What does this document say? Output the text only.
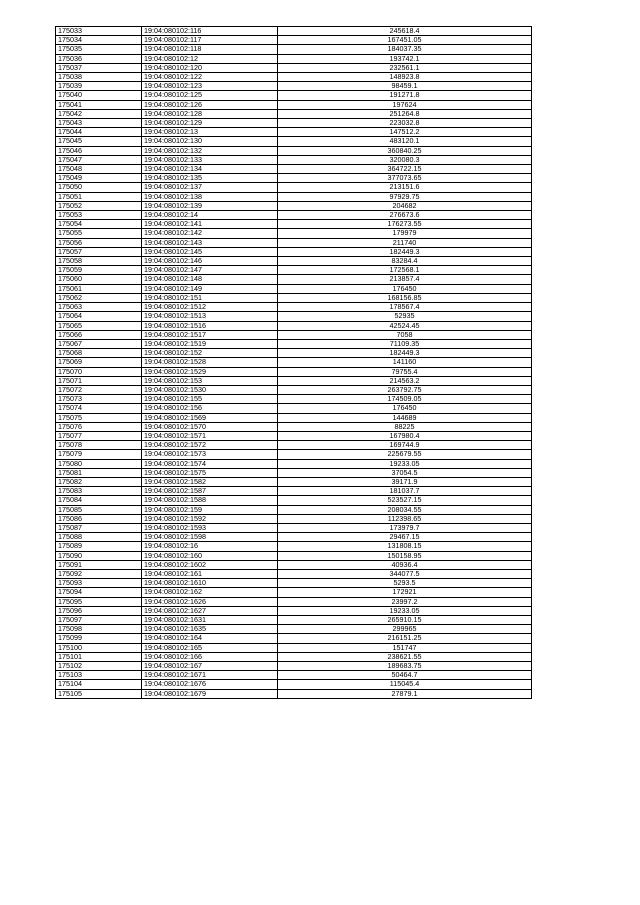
175033	19:04:080102:116	245618.4
175034	19:04:080102:117	167451.05
175035	19:04:080102:118	184037.35
175036	19:04:080102:12	193742.1
175037	19:04:080102:120	232561.1
175038	19:04:080102:122	148923.8
175039	19:04:080102:123	98459.1
175040	19:04:080102:125	191271.8
175041	19:04:080102:126	197624
175042	19:04:080102:128	251264.8
175043	19:04:080102:129	223032.8
175044	19:04:080102:13	147512.2
175045	19:04:080102:130	483120.1
175046	19:04:080102:132	360840.25
175047	19:04:080102:133	320080.3
175048	19:04:080102:134	364722.15
175049	19:04:080102:135	377073.65
175050	19:04:080102:137	213151.6
175051	19:04:080102:138	97929.75
175052	19:04:080102:139	204682
175053	19:04:080102:14	276673.6
175054	19:04:080102:141	176273.55
175055	19:04:080102:142	179979
175056	19:04:080102:143	211740
175057	19:04:080102:145	182449.3
175058	19:04:080102:146	83284.4
175059	19:04:080102:147	172568.1
175060	19:04:080102:148	213857.4
175061	19:04:080102:149	176450
175062	19:04:080102:151	168156.85
175063	19:04:080102:1512	178567.4
175064	19:04:080102:1513	52935
175065	19:04:080102:1516	42524.45
175066	19:04:080102:1517	7058
175067	19:04:080102:1519	71109.35
175068	19:04:080102:152	182449.3
175069	19:04:080102:1528	141160
175070	19:04:080102:1529	79755.4
175071	19:04:080102:153	214563.2
175072	19:04:080102:1530	263792.75
175073	19:04:080102:155	174509.05
175074	19:04:080102:156	176450
175075	19:04:080102:1569	144689
175076	19:04:080102:1570	88225
175077	19:04:080102:1571	167980.4
175078	19:04:080102:1572	169744.9
175079	19:04:080102:1573	225679.55
175080	19:04:080102:1574	19233.05
175081	19:04:080102:1575	37054.5
175082	19:04:080102:1582	39171.9
175083	19:04:080102:1587	181037.7
175084	19:04:080102:1588	523527.15
175085	19:04:080102:159	208034.55
175086	19:04:080102:1592	112398.65
175087	19:04:080102:1593	173979.7
175088	19:04:080102:1598	29467.15
175089	19:04:080102:16	131808.15
175090	19:04:080102:160	150158.95
175091	19:04:080102:1602	40936.4
175092	19:04:080102:161	344077.5
175093	19:04:080102:1610	5293.5
175094	19:04:080102:162	172921
175095	19:04:080102:1626	23997.2
175096	19:04:080102:1627	19233.05
175097	19:04:080102:1631	265910.15
175098	19:04:080102:1635	299965
175099	19:04:080102:164	216151.25
175100	19:04:080102:165	151747
175101	19:04:080102:166	238621.55
175102	19:04:080102:167	189683.75
175103	19:04:080102:1671	50464.7
175104	19:04:080102:1676	115045.4
175105	19:04:080102:1679	27879.1
